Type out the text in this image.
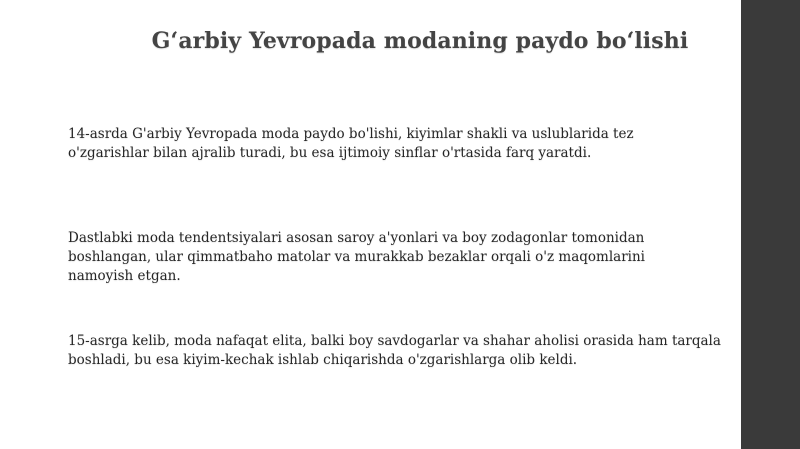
G‘arbiy Yevropada modaning paydo bo‘lishi
14-asrda G'arbiy Yevropada moda paydo bo'lishi, kiyimlar shakli va uslublarida tez
o'zgarishlar bilan ajralib turadi, bu esa ijtimoiy sinflar o'rtasida farq yaratdi.
Dastlabki moda tendentsiyalari asosan saroy a'yonlari va boy zodagonlar tomonidan
boshlangan, ular qimmatbaho matolar va murakkab bezaklar orqali o'z maqomlarini
namoyish etgan.
15-asrga kelib, moda nafaqat elita, balki boy savdogarlar va shahar aholisi orasida ham tarqala
boshladi, bu esa kiyim-kechak ishlab chiqarishda o'zgarishlarga olib keldi.
